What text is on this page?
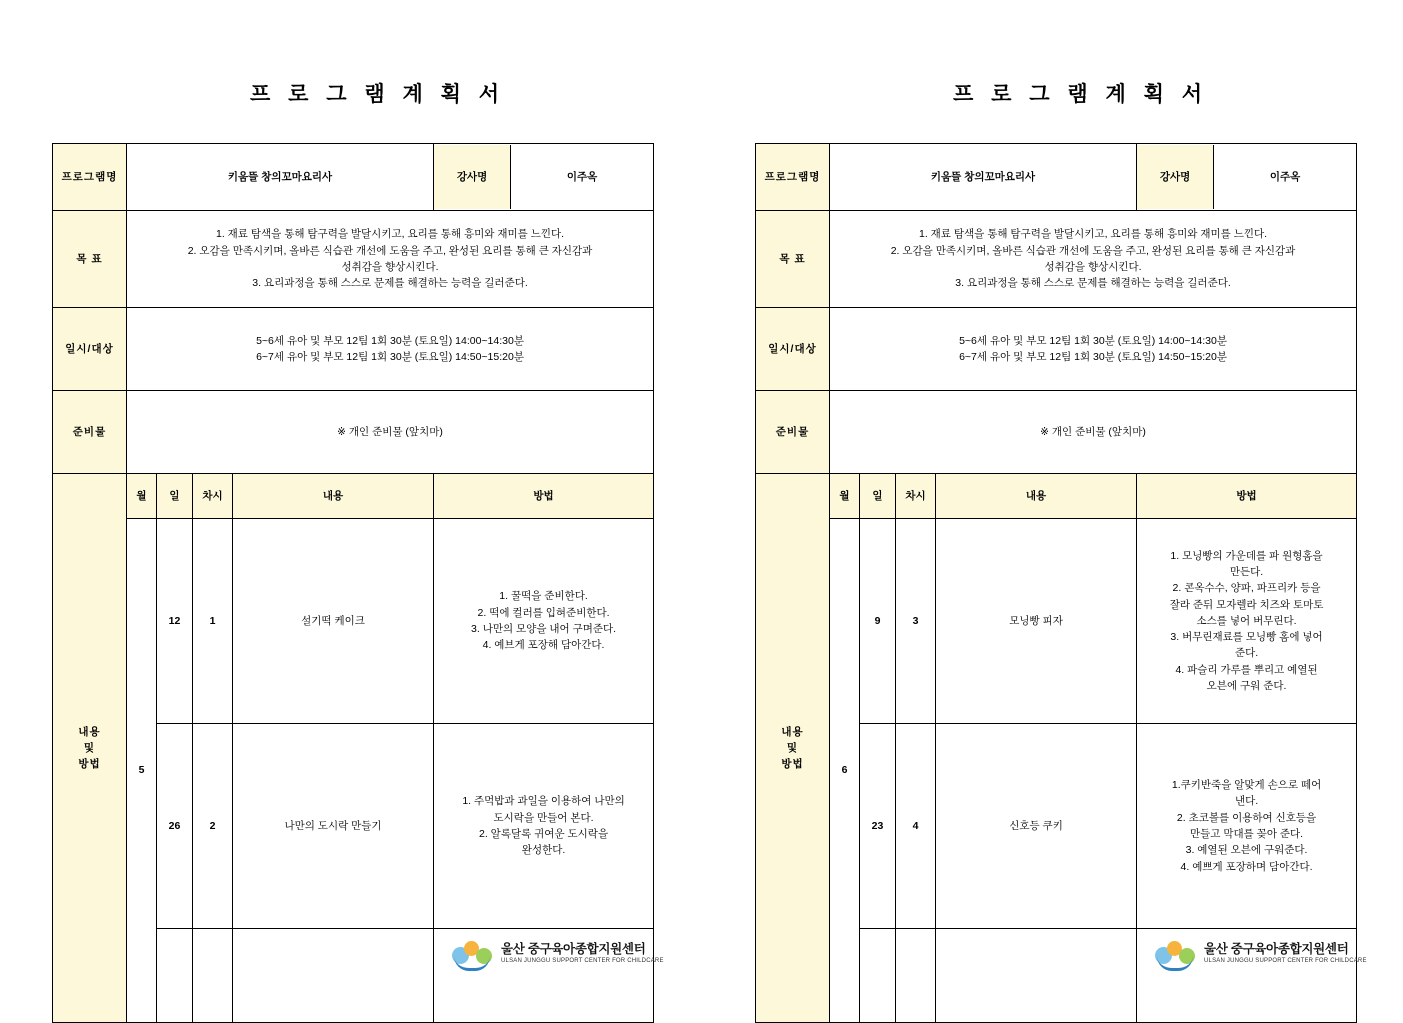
프 로 그 램 계 획 서
프로그램명	키움뜰 창의꼬마요리사		강사명	이주옥

목 표	
1. 재료 탐색을 통해 탐구력을 발달시키고, 요리를 통해 흥미와 재미를 느낀다.
2. 오감을 만족시키며, 올바른 식습관 개선에 도움을 주고, 완성된 요리를 통해 큰 자신감과
성취감을 향상시킨다.
3. 요리과정을 통해 스스로 문제를 해결하는 능력을 길러준다.

일시/대상	
5~6세 유아 및 부모 12팀 1회 30분 (토요일) 14:00~14:30분
6~7세 유아 및 부모 12팀 1회 30분 (토요일) 14:50~15:20분

준비물	※ 개인 준비물 (앞치마)
내용
및
방법	월	일	차시	내용	방법
5	12	1	설기떡 케이크	
1. 꿀떡을 준비한다.
2. 떡에 컬러를 입혀준비한다.
3. 나만의 모양을 내어 구며준다.
4. 예브게 포장해 담아간다.

26	2	나만의 도시락 만들기	
1. 주먹밥과 과일을 이용하여 나만의
도시락을 만들어 본다.
2. 알록달록 귀여운 도시락을
완성한다.

울산 중구육아종합지원센터
ULSAN JUNGGU SUPPORT CENTER FOR CHILDCARE
프 로 그 램 계 획 서
프로그램명	키움뜰 창의꼬마요리사		강사명	이주옥

목 표	
1. 재료 탐색을 통해 탐구력을 발달시키고, 요리를 통해 흥미와 재미를 느낀다.
2. 오감을 만족시키며, 올바른 식습관 개선에 도움을 주고, 완성된 요리를 통해 큰 자신감과
성취감을 향상시킨다.
3. 요리과정을 통해 스스로 문제를 해결하는 능력을 길러준다.

일시/대상	
5~6세 유아 및 부모 12팀 1회 30분 (토요일) 14:00~14:30분
6~7세 유아 및 부모 12팀 1회 30분 (토요일) 14:50~15:20분

준비물	※ 개인 준비물 (앞치마)
내용
및
방법	월	일	차시	내용	방법
6	9	3	모닝빵 피자	
1. 모닝빵의 가운데를 파 원형홈을
만든다.
2. 콘옥수수, 양파, 파프리카 등을
잘라 준뒤 모자렐라 치즈와 토마토
소스를 넣어 버무린다.
3. 버무린재료를 모닝빵 홈에 넣어
준다.
4. 파슬리 가루를 뿌리고 예열된
오븐에 구워 준다.

23	4	신호등 쿠키	
1.쿠키반죽을 알맞게 손으로 떼어
낸다.
2. 초코볼를 이용하여 신호등을
만들고 막대를 꽂아 준다.
3. 예열된 오븐에 구워준다.
4. 예쁘게 포장하며 담아간다.

울산 중구육아종합지원센터
ULSAN JUNGGU SUPPORT CENTER FOR CHILDCARE
